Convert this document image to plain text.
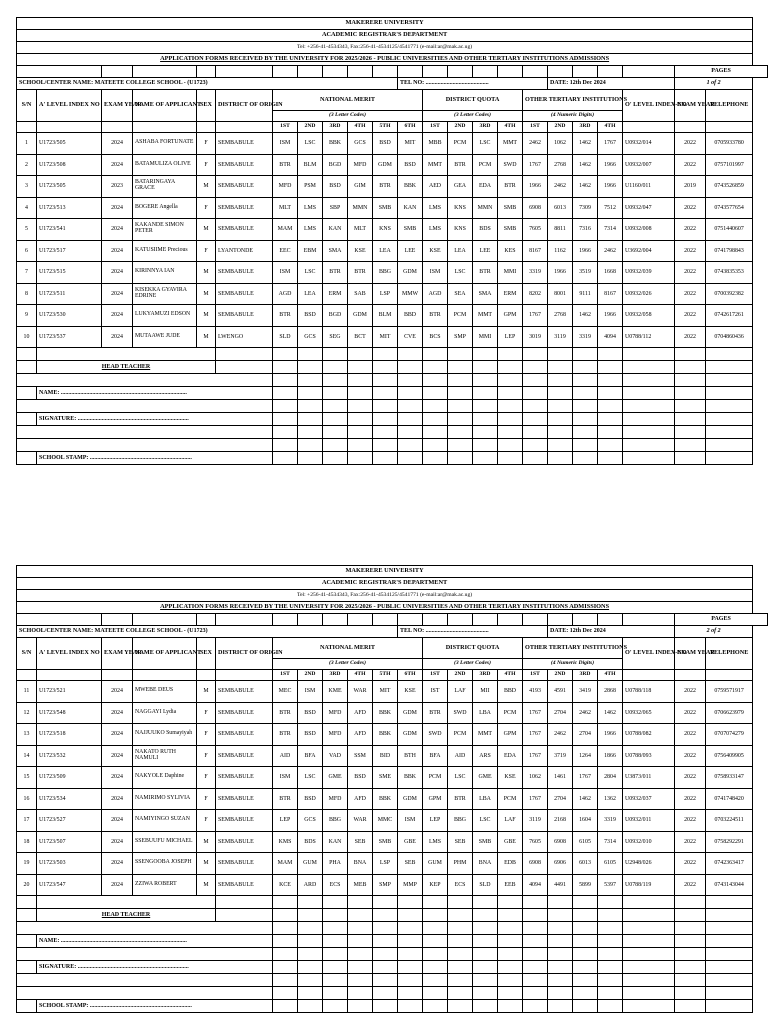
MAKERERE UNIVERSITY																						
ACADEMIC REGISTRAR'S DEPARTMENT																						
Tel: +256-41-4534343, Fax:256-41-4534125/4541771 (e-mail:ar@mak.ac.ug)																						
APPLICATION FORMS RECEIVED BY THE UNIVERSITY FOR 2025/2026 - PUBLIC UNIVERSITIES AND OTHER TERTIARY INSTITUTIONS ADMISSIONS																						
																					PAGES	
SCHOOL/CENTER NAME: MATEETE COLLEGE SCHOOL - (U1723)											TEL NO: ..........................................						DATE: 12th Dec 2024				1 of 2	
S/N	A' LEVEL INDEX NO	EXAM YEAR	NAME OF APPLICANT	SEX	DISTRICT OF ORIGIN	NATIONAL MERIT						DISTRICT QUOTA				OTHER TERTIARY INSTITUTIONS				O' LEVEL INDEX-NO	EXAM YEAR	TELEPHONE
						(3 Letter Codes)						(3 Letter Codes)				(4 Numeric Digits)						
						1ST	2ND	3RD	4TH	5TH	6TH	1ST	2ND	3RD	4TH	1ST	2ND	3RD	4TH			
1	U1723/505	2024	ASHABA FORTUNATE	F	SEMBABULE	ISM	LSC	BBK	GCS	BSD	MIT	MBB	PCM	LSC	MMT	2462	1062	1462	1767	U0932/014	2022	0705933780
2	U1723/508	2024	BATAMULIZA OLIVE	F	SEMBABULE	BTR	BLM	BGD	MFD	GDM	BSD	MMT	BTR	PCM	SWD	1767	2768	1462	1966	U0932/007	2022	0757101997
3	U1723/505	2023	BATARINGAYA GRACE	M	SEMBABULE	MFD	PSM	BSD	GIM	BTR	BBK	AED	GEA	EDA	BTR	1966	2462	1462	1966	U1160/011	2019	0743526859
4	U1723/513	2024	BOGERE Angella	F	SEMBABULE	MLT	LMS	SBP	MMN	SMB	KAN	LMS	KNS	MMN	SMB	6908	6013	7309	7512	U0932/047	2022	0743577654
5	U1723/541	2024	KAKANDE SIMON PETER	M	SEMBABULE	MAM	LMS	KAN	MLT	KNS	SMB	LMS	KNS	BDS	SMB	7605	8811	7316	7314	U0932/008	2022	0751440607
6	U1723/517	2024	KATUSIIME Precious	F	LYANTONDE	EEC	EBM	SMA	KSE	LEA	LEE	KSE	LEA	LEE	KES	8167	1162	1966	2462	U3692/004	2022	0741798843
7	U1723/515	2024	KIRINNYA IAN	M	SEMBABULE	ISM	LSC	BTR	BTR	BBG	GDM	ISM	LSC	BTR	MMI	3319	1966	3519	1668	U0932/039	2022	0743835353
8	U1723/511	2024	KISEKKA GYAVIRA EDRINE	M	SEMBABULE	AGD	LEA	ERM	SAB	LSP	MMW	AGD	SEA	SMA	ERM	8202	8001	9111	8167	U0932/026	2022	0700392382
9	U1723/530	2024	LUKYAMUZI EDSON	M	SEMBABULE	BTR	BSD	BGD	GDM	BLM	BBD	BTR	PCM	MMT	GPM	1767	2768	1462	1966	U0932/058	2022	0742617261
10	U1723/537	2024	MUTAAWE JUDE	M	LWENGO	SLD	GCS	SEG	BCT	MIT	CVE	BCS	SMP	MMI	LEP	3019	3119	3319	4094	U0788/112	2022	0704860436

	HEAD TEACHER																					

	NAME: ....................................................................................																					

	SIGNATURE: ..........................................................................																					

	SCHOOL STAMP: ....................................................................																					
MAKERERE UNIVERSITY																						
ACADEMIC REGISTRAR'S DEPARTMENT																						
Tel: +256-41-4534343, Fax:256-41-4534125/4541771 (e-mail:ar@mak.ac.ug)																						
APPLICATION FORMS RECEIVED BY THE UNIVERSITY FOR 2025/2026 - PUBLIC UNIVERSITIES AND OTHER TERTIARY INSTITUTIONS ADMISSIONS																						
																					PAGES	
SCHOOL/CENTER NAME: MATEETE COLLEGE SCHOOL - (U1723)											TEL NO: ..........................................						DATE: 12th Dec 2024				2 of 2	
S/N	A' LEVEL INDEX NO	EXAM YEAR	NAME OF APPLICANT	SEX	DISTRICT OF ORIGIN	NATIONAL MERIT						DISTRICT QUOTA				OTHER TERTIARY INSTITUTIONS				O' LEVEL INDEX-NO	EXAM YEAR	TELEPHONE
						(3 Letter Codes)						(3 Letter Codes)				(4 Numeric Digits)						
						1ST	2ND	3RD	4TH	5TH	6TH	1ST	2ND	3RD	4TH	1ST	2ND	3RD	4TH			
11	U1723/521	2024	MWEBE DEUS	M	SEMBABULE	MEC	ISM	KME	WAR	MIT	KSE	IST	LAF	MII	BBD	4193	4591	3419	2868	U0788/118	2022	0759571917
12	U1723/548	2024	NAGGAYI Lydia	F	SEMBABULE	BTR	BSD	MFD	AFD	BBK	GDM	BTR	SWD	LBA	PCM	1767	2704	2462	1462	U0932/065	2022	0706623979
13	U1723/518	2024	NAJJUUKO Sumayiyah	F	SEMBABULE	BTR	BSD	MFD	AFD	BBK	GDM	SWD	PCM	MMT	GPM	1767	2462	2704	1966	U0788/082	2022	0707074279
14	U1723/532	2024	NAKATO RUTH NAMULI	F	SEMBABULE	AID	BFA	VAD	SSM	BID	BTH	BFA	AID	ARS	EDA	1767	3719	1264	1866	U0788/093	2022	0756409905
15	U1723/509	2024	NAKYOLE Daphine	F	SEMBABULE	ISM	LSC	GME	BSD	SME	BBK	PCM	LSC	GME	KSE	1062	1461	1767	2804	U3873/011	2022	0758933147
16	U1723/534	2024	NAMIRIMO SYLIVIA	F	SEMBABULE	BTR	BSD	MFD	AFD	BBK	GDM	GPM	BTR	LBA	PCM	1767	2704	1462	1362	U0932/037	2022	0741748420
17	U1723/527	2024	NAMIYINGO SUZAN	F	SEMBABULE	LEP	GCS	BBG	WAR	MMC	ISM	LEP	BBG	LSC	LAF	3119	2168	1604	3319	U0932/011	2022	0703224511
18	U1723/507	2024	SSEBUUFU MICHAEL	M	SEMBABULE	KMS	BDS	KAN	SEB	SMB	GBE	LMS	SEB	SMB	GBE	7605	6908	6105	7314	U0932/010	2022	0758292291
19	U1723/503	2024	SSENGOOBA JOSEPH	M	SEMBABULE	MAM	GUM	PHA	BNA	LSP	SEB	GUM	PHM	BNA	EDB	6908	6906	6013	6105	U2948/026	2022	0742363417
20	U1723/547	2024	ZZIWA ROBERT	M	SEMBABULE	KCE	ARD	ECS	MEB	SMP	MMP	KEP	ECS	SLD	EEB	4094	4491	5899	5397	U0788/119	2022	0743143044

	HEAD TEACHER																					

	NAME: ....................................................................................																					

	SIGNATURE: ..........................................................................																					

	SCHOOL STAMP: ....................................................................																					
